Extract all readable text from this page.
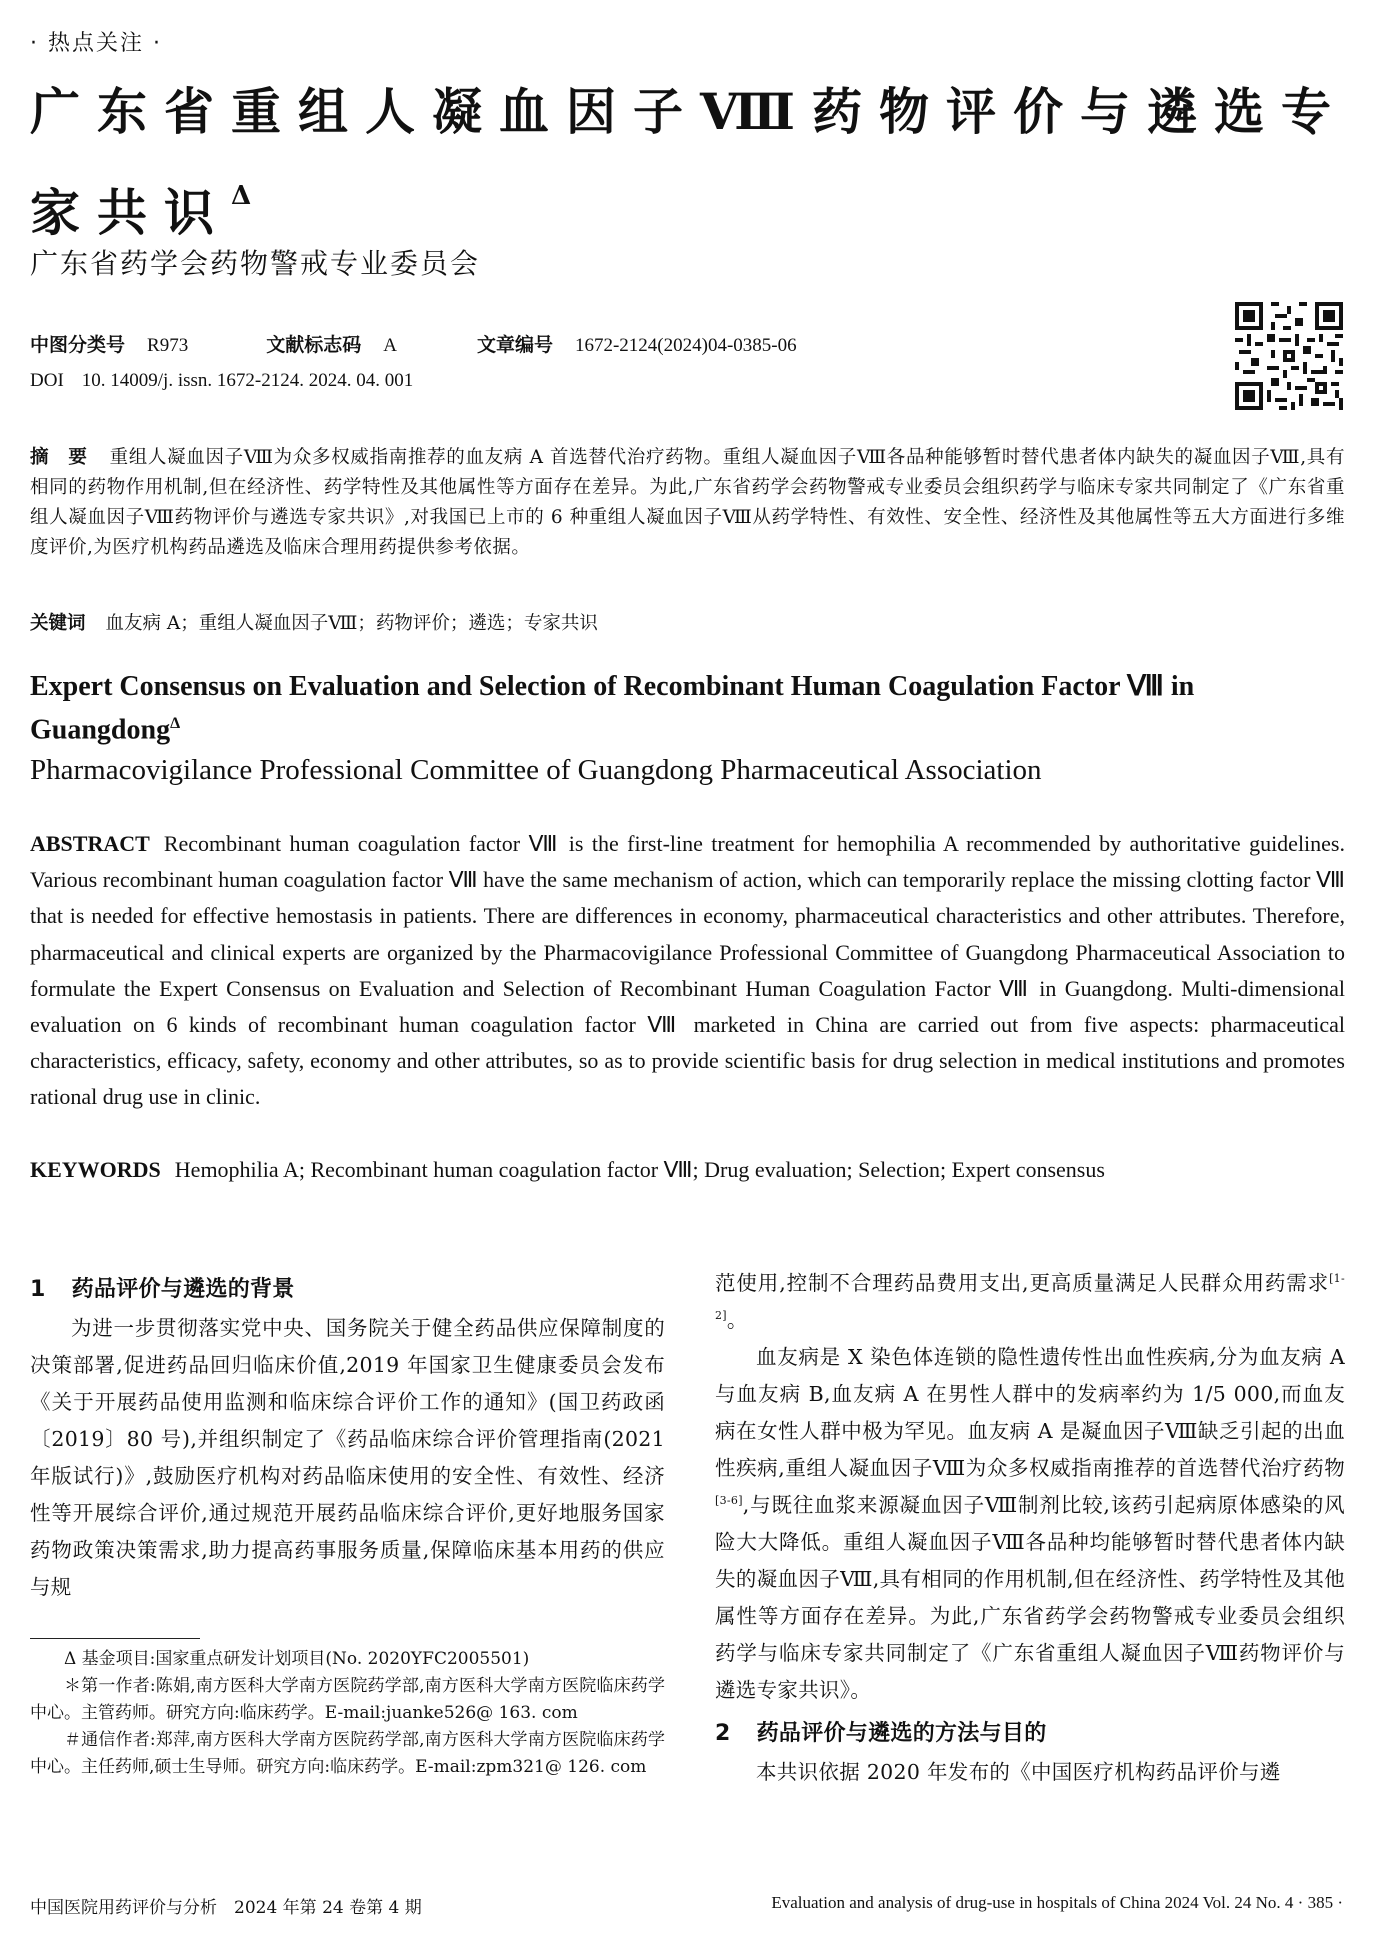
· 热点关注 ·
广东省重组人凝血因子Ⅷ药物评价与遴选专家共识$^\Delta$
广东省药学会药物警戒专业委员会
中图分类号 R973	文献标志码 A	文章编号 1672-2124(2024)04-0385-06
DOI 10. 14009/j. issn. 1672-2124. 2024. 04. 001
摘　要 重组人凝血因子Ⅷ为众多权威指南推荐的血友病 A 首选替代治疗药物。重组人凝血因子Ⅷ各品种能够暂时替代患者体内缺失的凝血因子Ⅷ,具有相同的药物作用机制,但在经济性、药学特性及其他属性等方面存在差异。为此,广东省药学会药物警戒专业委员会组织药学与临床专家共同制定了《广东省重组人凝血因子Ⅷ药物评价与遴选专家共识》,对我国已上市的 6 种重组人凝血因子Ⅷ从药学特性、有效性、安全性、经济性及其他属性等五大方面进行多维度评价,为医疗机构药品遴选及临床合理用药提供参考依据。
关键词 血友病 A；重组人凝血因子Ⅷ；药物评价；遴选；专家共识
Expert Consensus on Evaluation and Selection of Recombinant Human Coagulation Factor Ⅷ in Guangdong$^\Delta$
Pharmacovigilance Professional Committee of Guangdong Pharmaceutical Association
ABSTRACT Recombinant human coagulation factor Ⅷ is the first-line treatment for hemophilia A recommended by authoritative guidelines. Various recombinant human coagulation factor Ⅷ have the same mechanism of action, which can temporarily replace the missing clotting factor Ⅷ that is needed for effective hemostasis in patients. There are differences in economy, pharmaceutical characteristics and other attributes. Therefore, pharmaceutical and clinical experts are organized by the Pharmacovigilance Professional Committee of Guangdong Pharmaceutical Association to formulate the Expert Consensus on Evaluation and Selection of Recombinant Human Coagulation Factor Ⅷ in Guangdong. Multi-dimensional evaluation on 6 kinds of recombinant human coagulation factor Ⅷ marketed in China are carried out from five aspects: pharmaceutical characteristics, efficacy, safety, economy and other attributes, so as to provide scientific basis for drug selection in medical institutions and promotes rational drug use in clinic.
KEYWORDS Hemophilia A; Recombinant human coagulation factor Ⅷ; Drug evaluation; Selection; Expert consensus
1 药品评价与遴选的背景

为进一步贯彻落实党中央、国务院关于健全药品供应保障制度的决策部署,促进药品回归临床价值,2019 年国家卫生健康委员会发布《关于开展药品使用监测和临床综合评价工作的通知》(国卫药政函〔2019〕80 号),并组织制定了《药品临床综合评价管理指南(2021 年版试行)》,鼓励医疗机构对药品临床使用的安全性、有效性、经济性等开展综合评价,通过规范开展药品临床综合评价,更好地服务国家药物政策决策需求,助力提高药事服务质量,保障临床基本用药的供应与规

Δ 基金项目:国家重点研发计划项目(No. 2020YFC2005501)

＊第一作者:陈娟,南方医科大学南方医院药学部,南方医科大学南方医院临床药学中心。主管药师。研究方向:临床药学。E-mail:juanke526@ 163. com

＃通信作者:郑萍,南方医科大学南方医院药学部,南方医科大学南方医院临床药学中心。主任药师,硕士生导师。研究方向:临床药学。E-mail:zpm321@ 126. com

范使用,控制不合理药品费用支出,更高质量满足人民群众用药需求[1-2]。

血友病是 X 染色体连锁的隐性遗传性出血性疾病,分为血友病 A 与血友病 B,血友病 A 在男性人群中的发病率约为 1/5 000,而血友病在女性人群中极为罕见。血友病 A 是凝血因子Ⅷ缺乏引起的出血性疾病,重组人凝血因子Ⅷ为众多权威指南推荐的首选替代治疗药物[3-6],与既往血浆来源凝血因子Ⅷ制剂比较,该药引起病原体感染的风险大大降低。重组人凝血因子Ⅷ各品种均能够暂时替代患者体内缺失的凝血因子Ⅷ,具有相同的作用机制,但在经济性、药学特性及其他属性等方面存在差异。为此,广东省药学会药物警戒专业委员会组织药学与临床专家共同制定了《广东省重组人凝血因子Ⅷ药物评价与遴选专家共识》。

2 药品评价与遴选的方法与目的

本共识依据 2020 年发布的《中国医疗机构药品评价与遴

中国医院用药评价与分析　2024 年第 24 卷第 4 期	Evaluation and analysis of drug-use in hospitals of China 2024 Vol. 24 No. 4 · 385 ·
